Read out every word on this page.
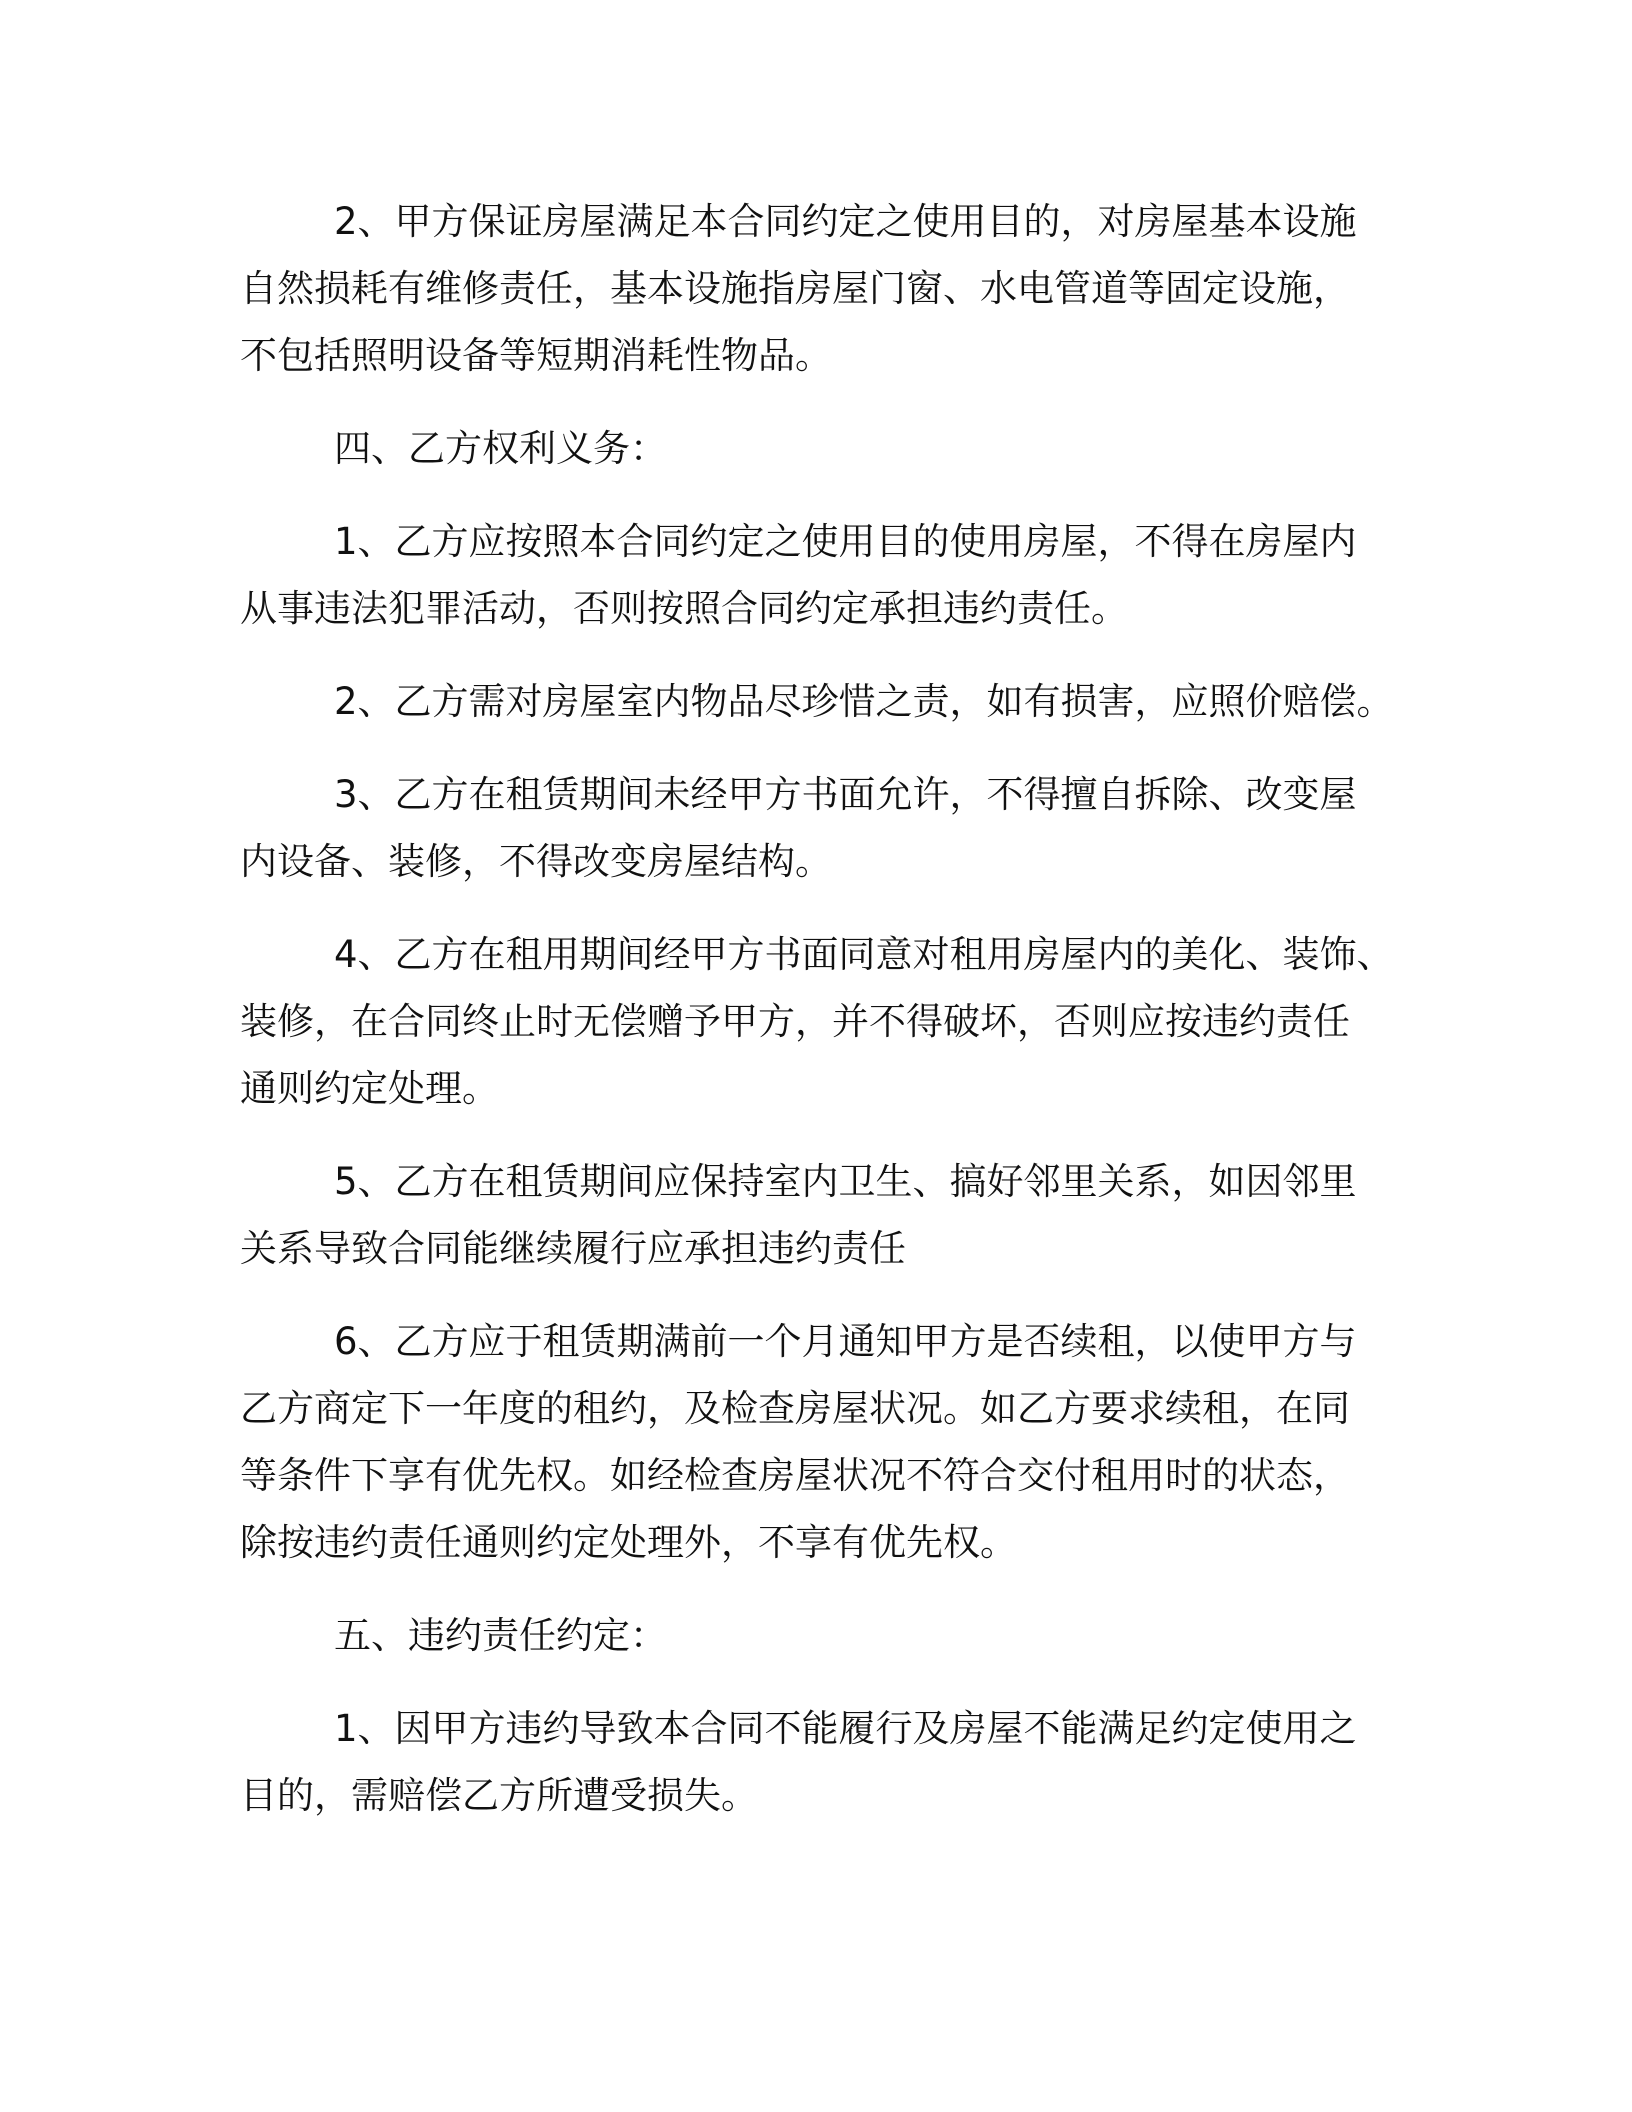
2、甲方保证房屋满足本合同约定之使用目的，对房屋基本设施
自然损耗有维修责任，基本设施指房屋门窗、水电管道等固定设施，
不包括照明设备等短期消耗性物品。
四、乙方权利义务：
1、乙方应按照本合同约定之使用目的使用房屋，不得在房屋内
从事违法犯罪活动，否则按照合同约定承担违约责任。
2、乙方需对房屋室内物品尽珍惜之责，如有损害，应照价赔偿。
3、乙方在租赁期间未经甲方书面允许，不得擅自拆除、改变屋
内设备、装修，不得改变房屋结构。
4、乙方在租用期间经甲方书面同意对租用房屋内的美化、装饰、
装修，在合同终止时无偿赠予甲方，并不得破坏，否则应按违约责任
通则约定处理。
5、乙方在租赁期间应保持室内卫生、搞好邻里关系，如因邻里
关系导致合同能继续履行应承担违约责任
6、乙方应于租赁期满前一个月通知甲方是否续租，以使甲方与
乙方商定下一年度的租约，及检查房屋状况。如乙方要求续租，在同
等条件下享有优先权。如经检查房屋状况不符合交付租用时的状态，
除按违约责任通则约定处理外，不享有优先权。
五、违约责任约定：
1、因甲方违约导致本合同不能履行及房屋不能满足约定使用之
目的，需赔偿乙方所遭受损失。
